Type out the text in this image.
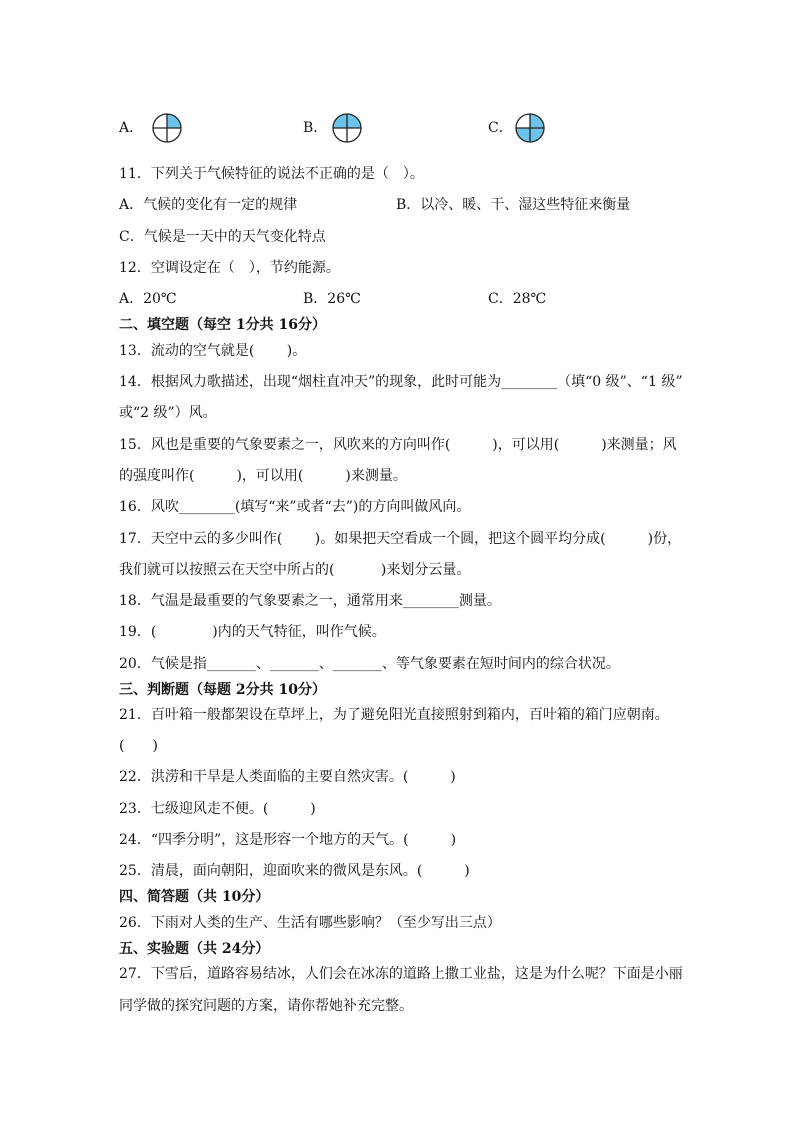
A．	B．	C．
11．下列关于气候特征的说法不正确的是（　）。
A．气候的变化有一定的规律	B．以冷、暖、干、湿这些特征来衡量
C．气候是一天中的天气变化特点
12．空调设定在（　），节约能源。
A．20℃	B．26℃	C．28℃
二、填空题（每空 1分共 16分）
13．流动的空气就是(　　 )。
14．根据风力歌描述，出现“烟柱直冲天”的现象，此时可能为________（填“0 级”、“1 级”
或“2 级”）风。
15．风也是重要的气象要素之一，风吹来的方向叫作(　　　)，可以用(　　　)来测量；风
的强度叫作(　　　)，可以用(　　　)来测量。
16．风吹________(填写“来”或者“去”)的方向叫做风向。
17．天空中云的多少叫作(　　 )。如果把天空看成一个圆，把这个圆平均分成(　　　)份，
我们就可以按照云在天空中所占的(　　　 )来划分云量。
18．气温是最重要的气象要素之一，通常用来________测量。
19．(　　　　)内的天气特征，叫作气候。
20．气候是指_______、_______、_______、等气象要素在短时间内的综合状况。
三、判断题（每题 2分共 10分）
21．百叶箱一般都架设在草坪上，为了避免阳光直接照射到箱内，百叶箱的箱门应朝南。
(　　)
22．洪涝和干旱是人类面临的主要自然灾害。(　　　)
23．七级迎风走不便。(　　　)
24．“四季分明”，这是形容一个地方的天气。(　　　)
25．清晨，面向朝阳，迎面吹来的微风是东风。(　　　)
四、简答题（共 10分）
26．下雨对人类的生产、生活有哪些影响？（至少写出三点）
五、实验题（共 24分）
27．下雪后，道路容易结冰，人们会在冰冻的道路上撒工业盐，这是为什么呢？下面是小丽
同学做的探究问题的方案，请你帮她补充完整。
